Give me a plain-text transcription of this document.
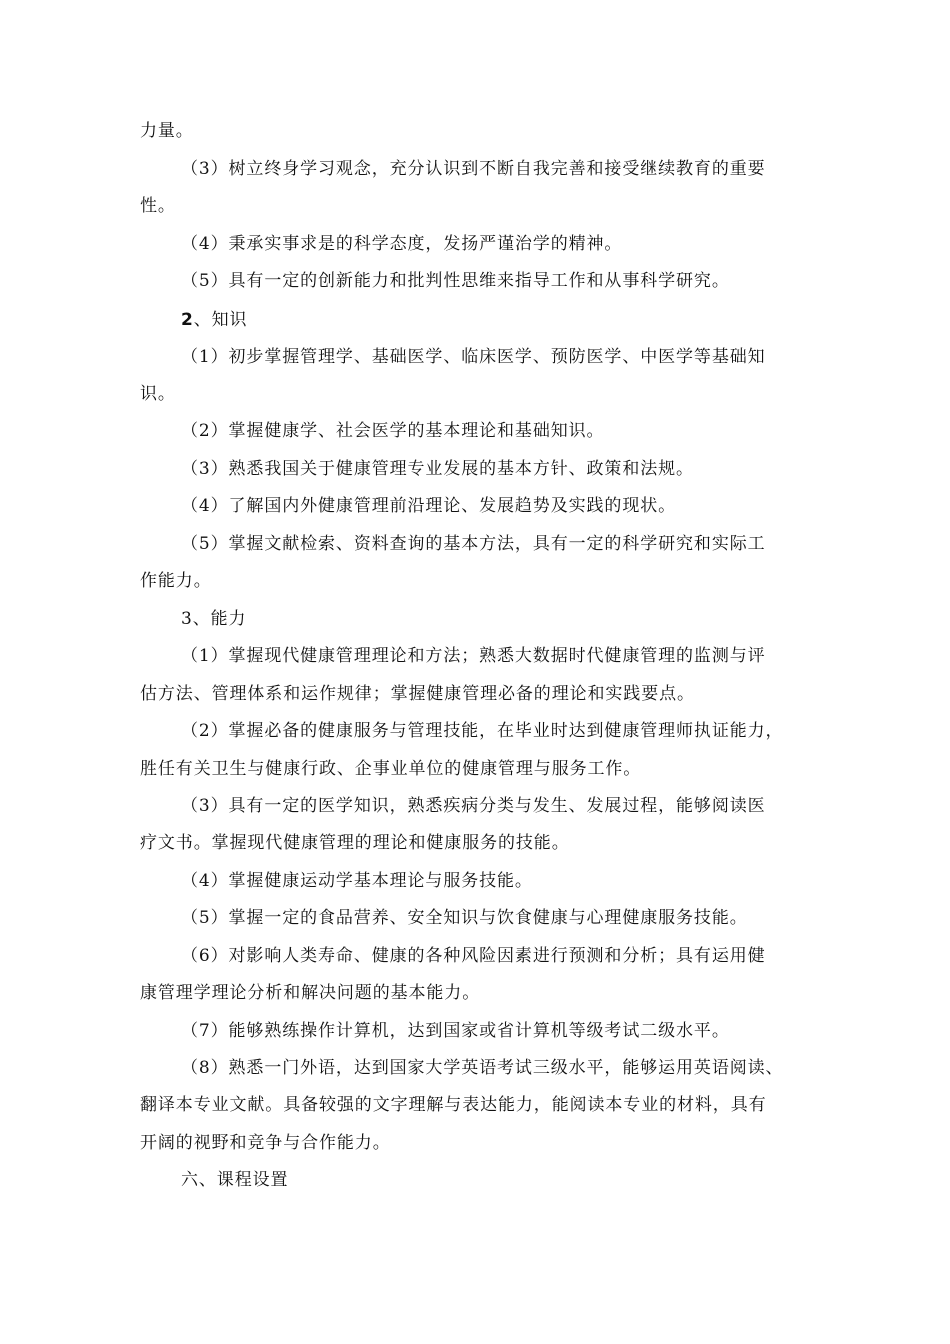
力量。
（3）树立终身学习观念，充分认识到不断自我完善和接受继续教育的重要
性。
（4）秉承实事求是的科学态度，发扬严谨治学的精神。
（5）具有一定的创新能力和批判性思维来指导工作和从事科学研究。
2、知识
（1）初步掌握管理学、基础医学、临床医学、预防医学、中医学等基础知
识。
（2）掌握健康学、社会医学的基本理论和基础知识。
（3）熟悉我国关于健康管理专业发展的基本方针、政策和法规。
（4）了解国内外健康管理前沿理论、发展趋势及实践的现状。
（5）掌握文献检索、资料查询的基本方法，具有一定的科学研究和实际工
作能力。
3、能力
（1）掌握现代健康管理理论和方法；熟悉大数据时代健康管理的监测与评
估方法、管理体系和运作规律；掌握健康管理必备的理论和实践要点。
（2）掌握必备的健康服务与管理技能，在毕业时达到健康管理师执证能力，
胜任有关卫生与健康行政、企事业单位的健康管理与服务工作。
（3）具有一定的医学知识，熟悉疾病分类与发生、发展过程，能够阅读医
疗文书。掌握现代健康管理的理论和健康服务的技能。
（4）掌握健康运动学基本理论与服务技能。
（5）掌握一定的食品营养、安全知识与饮食健康与心理健康服务技能。
（6）对影响人类寿命、健康的各种风险因素进行预测和分析；具有运用健
康管理学理论分析和解决问题的基本能力。
（7）能够熟练操作计算机，达到国家或省计算机等级考试二级水平。
（8）熟悉一门外语，达到国家大学英语考试三级水平，能够运用英语阅读、
翻译本专业文献。具备较强的文字理解与表达能力，能阅读本专业的材料，具有
开阔的视野和竞争与合作能力。
六、课程设置
